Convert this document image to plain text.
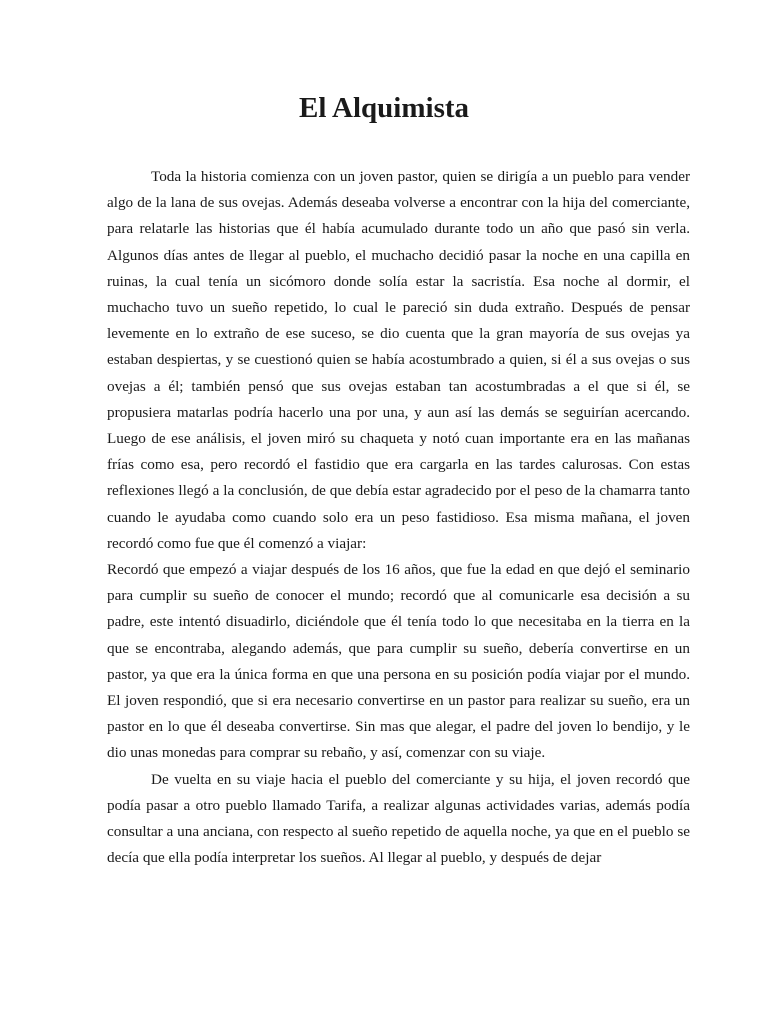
El Alquimista

Toda la historia comienza con un joven pastor, quien se dirigía a un pueblo para vender algo de la lana de sus ovejas. Además deseaba volverse a encontrar con la hija del comerciante, para relatarle las historias que él había acumulado durante todo un año que pasó sin verla. Algunos días antes de llegar al pueblo, el muchacho decidió pasar la noche en una capilla en ruinas, la cual tenía un sicómoro donde solía estar la sacristía. Esa noche al dormir, el muchacho tuvo un sueño repetido, lo cual le pareció sin duda extraño. Después de pensar levemente en lo extraño de ese suceso, se dio cuenta que la gran mayoría de sus ovejas ya estaban despiertas, y se cuestionó quien se había acostumbrado a quien, si él a sus ovejas o sus ovejas a él; también pensó que sus ovejas estaban tan acostumbradas a el que si él, se propusiera matarlas podría hacerlo una por una, y aun así las demás se seguirían acercando. Luego de ese análisis, el joven miró su chaqueta y notó cuan importante era en las mañanas frías como esa, pero recordó el fastidio que era cargarla en las tardes calurosas. Con estas reflexiones llegó a la conclusión, de que debía estar agradecido por el peso de la chamarra tanto cuando le ayudaba como cuando solo era un peso fastidioso. Esa misma mañana, el joven recordó como fue que él comenzó a viajar:

Recordó que empezó a viajar después de los 16 años, que fue la edad en que dejó el seminario para cumplir su sueño de conocer el mundo; recordó que al comunicarle esa decisión a su padre, este intentó disuadirlo, diciéndole que él tenía todo lo que necesitaba en la tierra en la que se encontraba, alegando además, que para cumplir su sueño, debería convertirse en un pastor, ya que era la única forma en que una persona en su posición podía viajar por el mundo. El joven respondió, que si era necesario convertirse en un pastor para realizar su sueño, era un pastor en lo que él deseaba convertirse. Sin mas que alegar, el padre del joven lo bendijo, y le dio unas monedas para comprar su rebaño, y así, comenzar con su viaje.

De vuelta en su viaje hacia el pueblo del comerciante y su hija, el joven recordó que podía pasar a otro pueblo llamado Tarifa, a realizar algunas actividades varias, además podía consultar a una anciana, con respecto al sueño repetido de aquella noche, ya que en el pueblo se decía que ella podía interpretar los sueños. Al llegar al pueblo, y después de dejar
